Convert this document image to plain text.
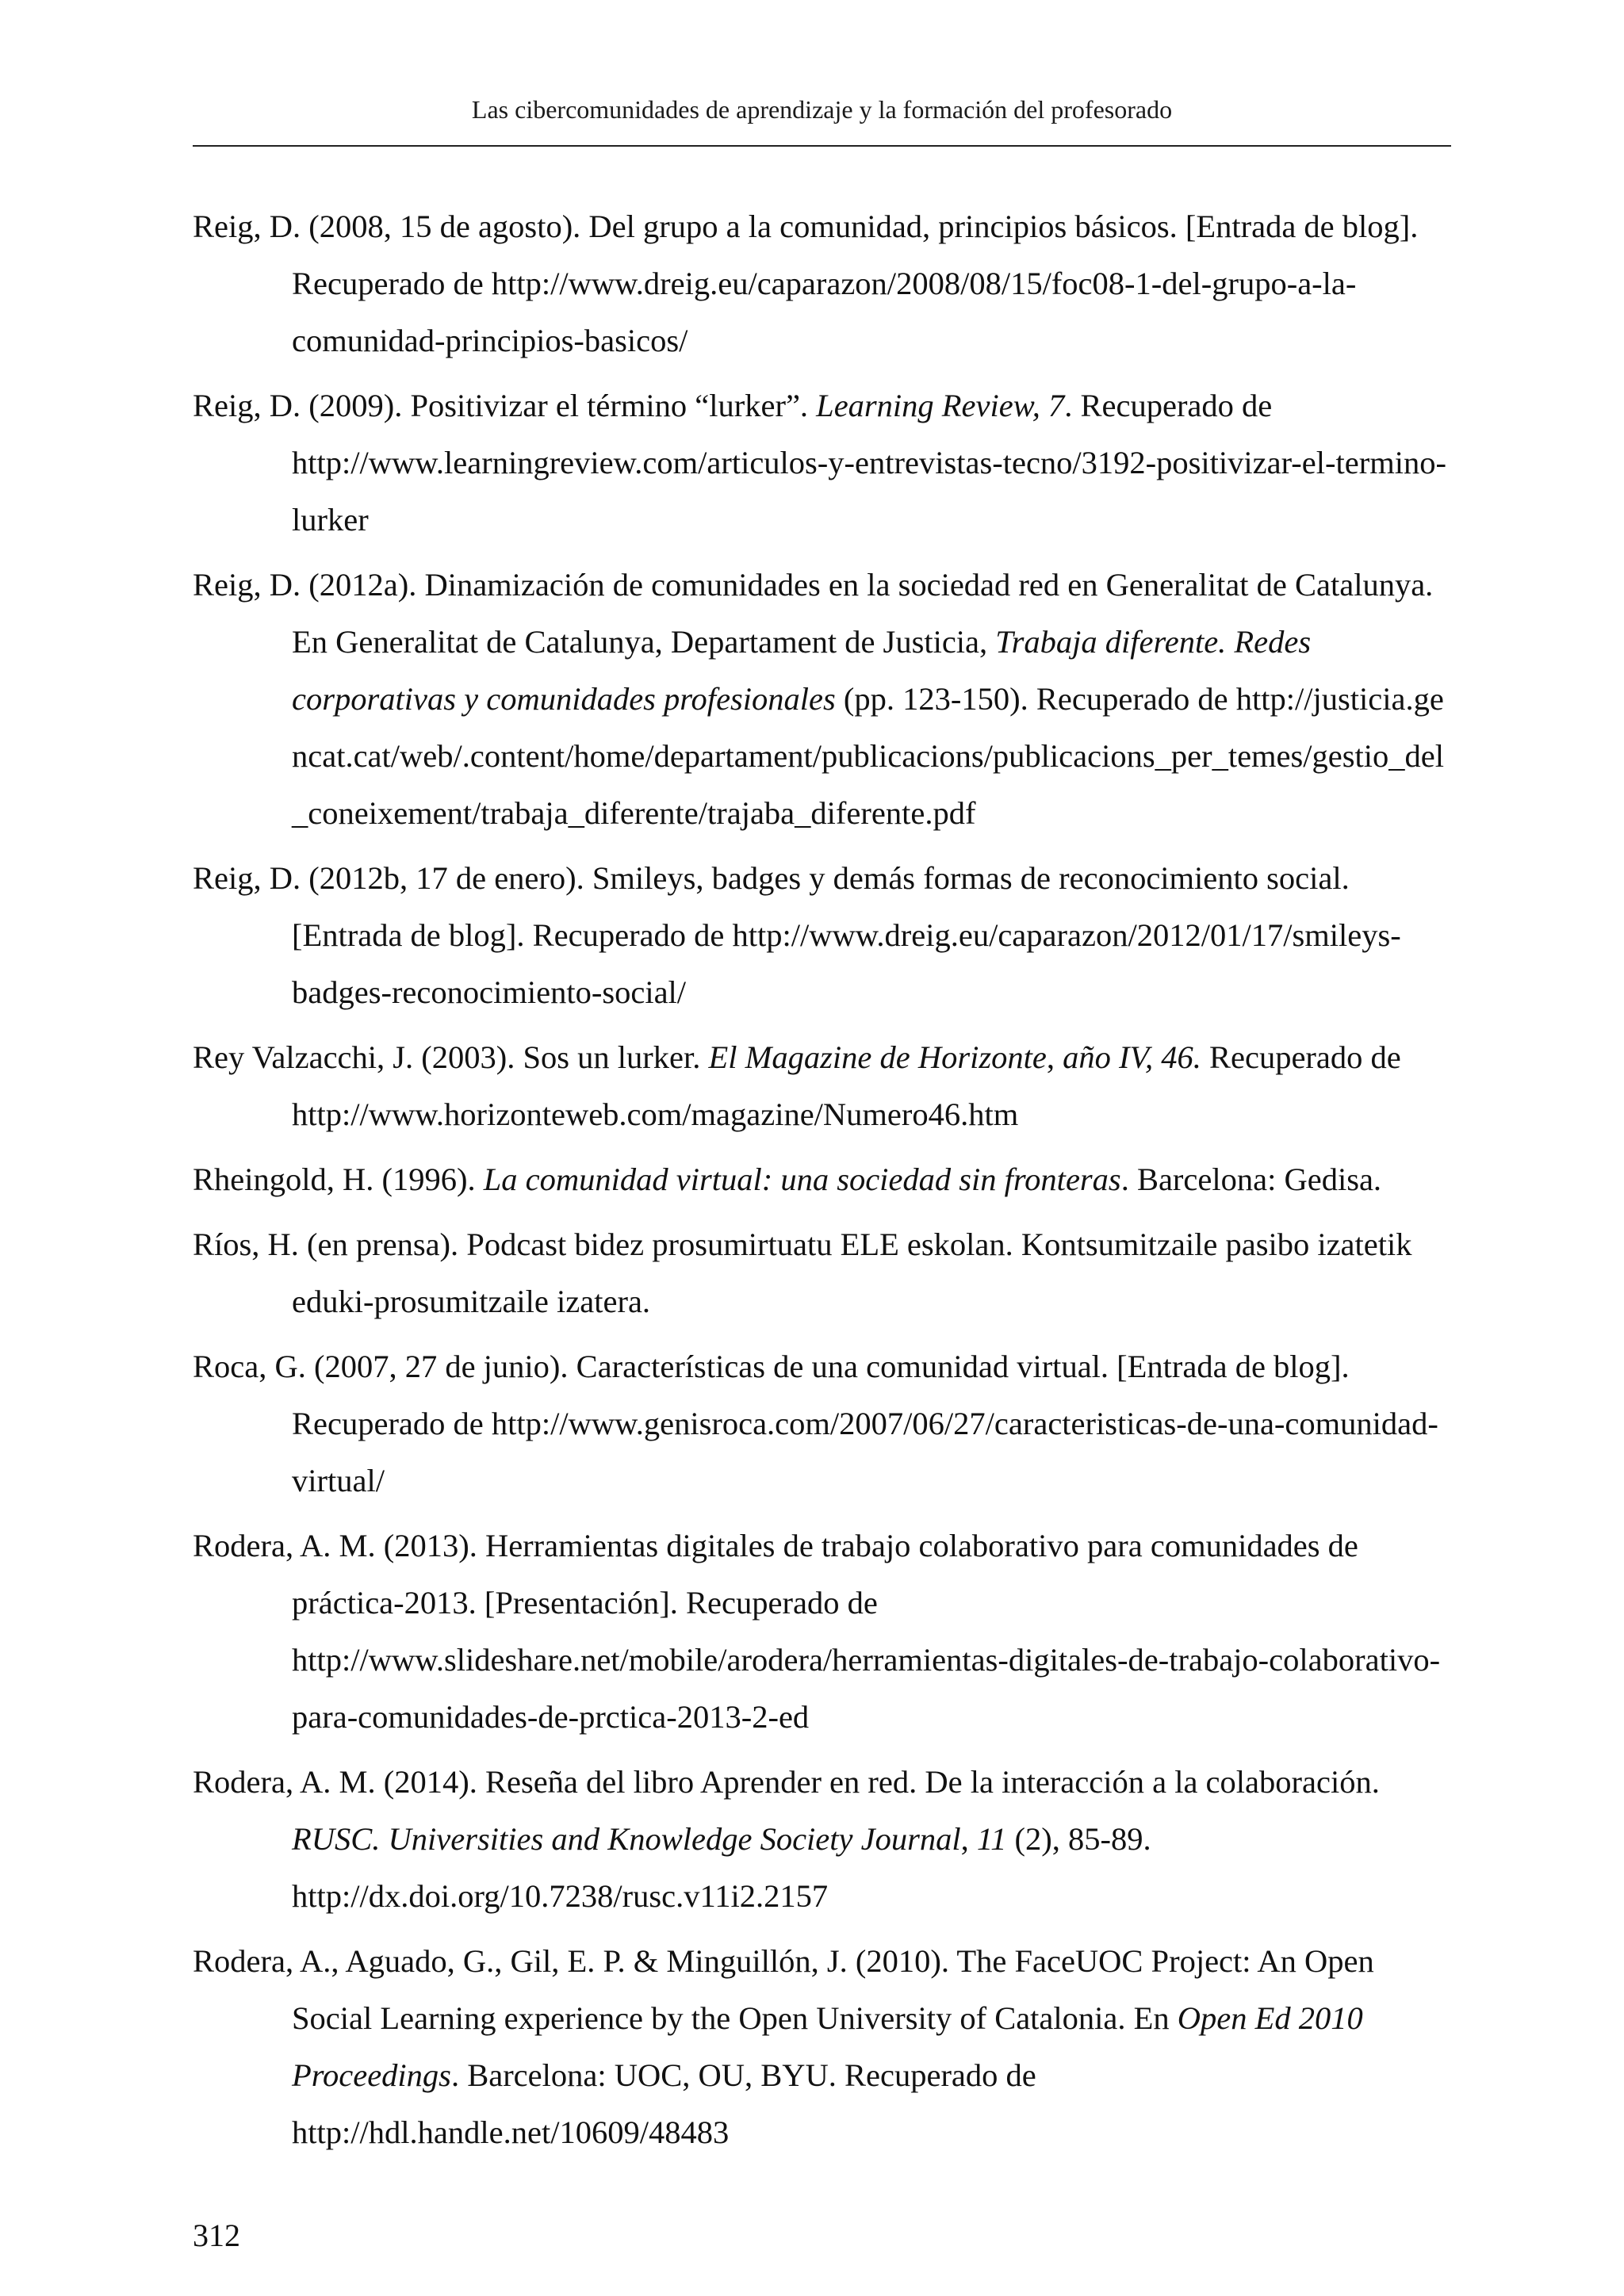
Las cibercomunidades de aprendizaje y la formación del profesorado

Reig, D. (2008, 15 de agosto). Del grupo a la comunidad, principios básicos. [Entrada de blog]. Recuperado de http://www.dreig.eu/caparazon/2008/08/15/foc08-1-del-grupo-a-la-comunidad-principios-basicos/

Reig, D. (2009). Positivizar el término “lurker”. Learning Review, 7. Recuperado de http://www.learningreview.com/articulos-y-entrevistas-tecno/3192-positivizar-el-termino-lurker

Reig, D. (2012a). Dinamización de comunidades en la sociedad red en Generalitat de Catalunya. En Generalitat de Catalunya, Departament de Justicia, Trabaja diferente. Redes corporativas y comunidades profesionales (pp. 123-150). Recuperado de http://justicia.gencat.cat/web/.content/home/departament/publicacions/publicacions_per_temes/gestio_del_coneixement/trabaja_diferente/trajaba_diferente.pdf

Reig, D. (2012b, 17 de enero). Smileys, badges y demás formas de reconocimiento social. [Entrada de blog]. Recuperado de http://www.dreig.eu/caparazon/2012/01/17/smileys-badges-reconocimiento-social/

Rey Valzacchi, J. (2003). Sos un lurker. El Magazine de Horizonte, año IV, 46. Recuperado de http://www.horizonteweb.com/magazine/Numero46.htm

Rheingold, H. (1996). La comunidad virtual: una sociedad sin fronteras. Barcelona: Gedisa.

Ríos, H. (en prensa). Podcast bidez prosumirtuatu ELE eskolan. Kontsumitzaile pasibo izatetik eduki-prosumitzaile izatera.

Roca, G. (2007, 27 de junio). Características de una comunidad virtual. [Entrada de blog]. Recuperado de http://www.genisroca.com/2007/06/27/caracteristicas-de-una-comunidad-virtual/

Rodera, A. M. (2013). Herramientas digitales de trabajo colaborativo para comunidades de práctica-2013. [Presentación]. Recuperado de http://www.slideshare.net/mobile/arodera/herramientas-digitales-de-trabajo-colaborativo-para-comunidades-de-prctica-2013-2-ed

Rodera, A. M. (2014). Reseña del libro Aprender en red. De la interacción a la colaboración. RUSC. Universities and Knowledge Society Journal, 11 (2), 85-89. http://dx.doi.org/10.7238/rusc.v11i2.2157

Rodera, A., Aguado, G., Gil, E. P. & Minguillón, J. (2010). The FaceUOC Project: An Open Social Learning experience by the Open University of Catalonia. En Open Ed 2010 Proceedings. Barcelona: UOC, OU, BYU. Recuperado de http://hdl.handle.net/10609/48483

312
